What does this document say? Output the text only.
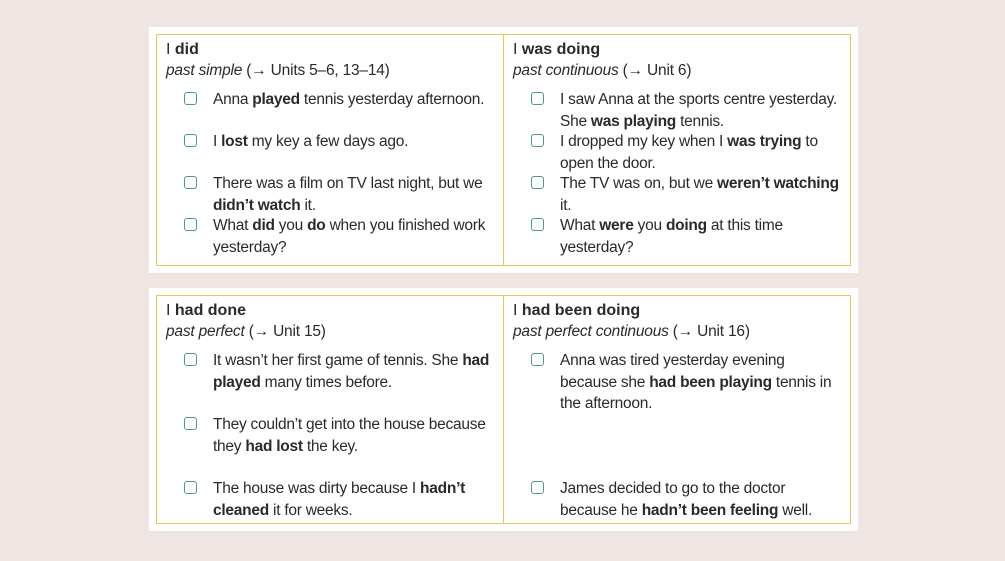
I did
past simple (→ Units 5–6, 13–14)
Anna played tennis yesterday afternoon.
I lost my key a few days ago.
There was a film on TV last night, but we didn’t watch it.
What did you do when you finished work yesterday?
I was doing
past continuous (→ Unit 6)
I saw Anna at the sports centre yesterday. She was playing tennis.
I dropped my key when I was trying to open the door.
The TV was on, but we weren’t watching it.
What were you doing at this time yesterday?
I had done
past perfect (→ Unit 15)
It wasn’t her first game of tennis. She had played many times before.
They couldn’t get into the house because they had lost the key.
The house was dirty because I hadn’t cleaned it for weeks.
I had been doing
past perfect continuous (→ Unit 16)
Anna was tired yesterday evening because she had been playing tennis in the afternoon.
James decided to go to the doctor because he hadn’t been feeling well.
